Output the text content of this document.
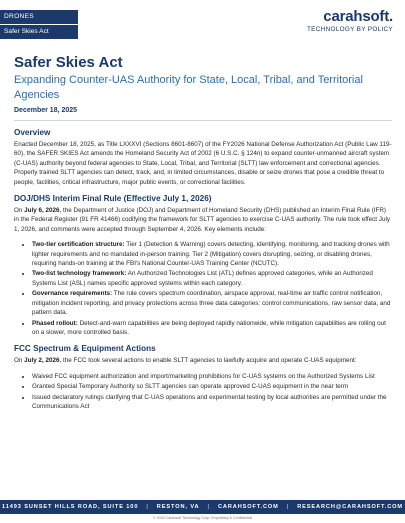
DRONES
Safer Skies Act
carahsoft.
TECHNOLOGY BY POLICY
Safer Skies Act
Expanding Counter-UAS Authority for State, Local, Tribal, and Territorial Agencies
December 18, 2025
Overview

Enacted December 18, 2025, as Title LXXXVI (Sections 8601-8607) of the FY2026 National Defense Authorization Act (Public Law 119-60), the SAFER SKIES Act amends the Homeland Security Act of 2002 (6 U.S.C. § 124n) to expand counter-unmanned aircraft system (C-UAS) authority beyond federal agencies to State, Local, Tribal, and Territorial (SLTT) law enforcement and correctional agencies. Properly trained SLTT agencies can detect, track, and, in limited circumstances, disable or seize drones that pose a credible threat to people, facilities, critical infrastructure, major public events, or correctional facilities.

DOJ/DHS Interim Final Rule (Effective July 1, 2026)

On July 6, 2026, the Department of Justice (DOJ) and Department of Homeland Security (DHS) published an Interim Final Rule (IFR) in the Federal Register (91 FR 41466) codifying the framework for SLTT agencies to exercise C-UAS authority. The rule took effect July 1, 2026, and comments were accepted through September 4, 2026. Key elements include:

• Two-tier certification structure: Tier 1 (Detection & Warning) covers detecting, identifying, monitoring, and tracking drones with lighter requirements and no mandated in-person training. Tier 2 (Mitigation) covers disrupting, seizing, or disabling drones, requiring hands-on training at the FBI's National Counter-UAS Training Center (NCUTC).
• Two-list technology framework: An Authorized Technologies List (ATL) defines approved categories, while an Authorized Systems List (ASL) names specific approved systems within each category.
• Governance requirements: The rule covers spectrum coordination, airspace approval, real-time air traffic control notification, mitigation incident reporting, and privacy protections across three data categories: control communications, raw sensor data, and pattern data.
• Phased rollout: Detect-and-warn capabilities are being deployed rapidly nationwide, while mitigation capabilities are rolling out on a slower, more controlled basis.
FCC Spectrum & Equipment Actions

On July 2, 2026, the FCC took several actions to enable SLTT agencies to lawfully acquire and operate C-UAS equipment:

• Waived FCC equipment authorization and import/marketing prohibitions for C-UAS systems on the Authorized Systems List
• Granted Special Temporary Authority so SLTT agencies can operate approved C-UAS equipment in the near term
• Issued declaratory rulings clarifying that C-UAS operations and experimental testing by local authorities are permitted under the Communications Act
11493 SUNSET HILLS ROAD, SUITE 100 | RESTON, VA | CARAHSOFT.COM | RESEARCH@CARAHSOFT.COM
© 2026 Carahsoft Technology Corp. Proprietary & Confidential
